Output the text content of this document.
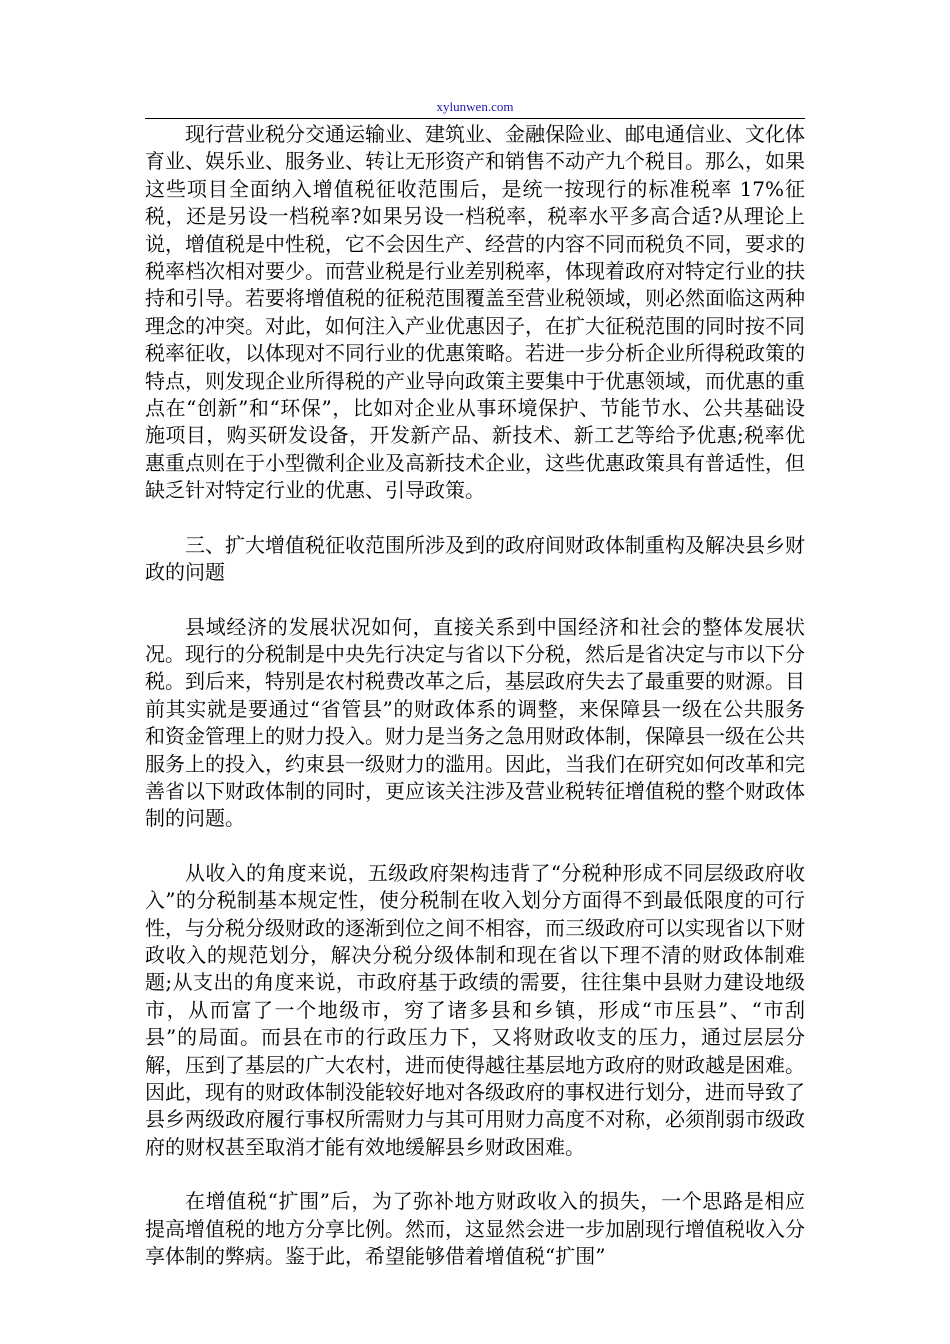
xylunwen.com

现行营业税分交通运输业、建筑业、金融保险业、邮电通信业、文化体育业、娱乐业、服务业、转让无形资产和销售不动产九个税目。那么，如果这些项目全面纳入增值税征收范围后，是统一按现行的标准税率 17%征税，还是另设一档税率?如果另设一档税率，税率水平多高合适?从理论上说，增值税是中性税，它不会因生产、经营的内容不同而税负不同，要求的税率档次相对要少。而营业税是行业差别税率，体现着政府对特定行业的扶持和引导。若要将增值税的征税范围覆盖至营业税领域，则必然面临这两种理念的冲突。对此，如何注入产业优惠因子，在扩大征税范围的同时按不同税率征收，以体现对不同行业的优惠策略。若进一步分析企业所得税政策的特点，则发现企业所得税的产业导向政策主要集中于优惠领域，而优惠的重点在“创新”和“环保”，比如对企业从事环境保护、节能节水、公共基础设施项目，购买研发设备，开发新产品、新技术、新工艺等给予优惠;税率优惠重点则在于小型微利企业及高新技术企业，这些优惠政策具有普适性，但缺乏针对特定行业的优惠、引导政策。

三、扩大增值税征收范围所涉及到的政府间财政体制重构及解决县乡财政的问题

县域经济的发展状况如何，直接关系到中国经济和社会的整体发展状况。现行的分税制是中央先行决定与省以下分税，然后是省决定与市以下分税。到后来，特别是农村税费改革之后，基层政府失去了最重要的财源。目前其实就是要通过“省管县”的财政体系的调整，来保障县一级在公共服务和资金管理上的财力投入。财力是当务之急用财政体制，保障县一级在公共服务上的投入，约束县一级财力的滥用。因此，当我们在研究如何改革和完善省以下财政体制的同时，更应该关注涉及营业税转征增值税的整个财政体制的问题。

从收入的角度来说，五级政府架构违背了“分税种形成不同层级政府收入”的分税制基本规定性，使分税制在收入划分方面得不到最低限度的可行性，与分税分级财政的逐渐到位之间不相容，而三级政府可以实现省以下财政收入的规范划分，解决分税分级体制和现在省以下理不清的财政体制难题;从支出的角度来说，市政府基于政绩的需要，往往集中县财力建设地级市，从而富了一个地级市，穷了诸多县和乡镇，形成“市压县”、“市刮县”的局面。而县在市的行政压力下，又将财政收支的压力，通过层层分解，压到了基层的广大农村，进而使得越往基层地方政府的财政越是困难。因此，现有的财政体制没能较好地对各级政府的事权进行划分，进而导致了县乡两级政府履行事权所需财力与其可用财力高度不对称，必须削弱市级政府的财权甚至取消才能有效地缓解县乡财政困难。

在增值税“扩围”后，为了弥补地方财政收入的损失，一个思路是相应提高增值税的地方分享比例。然而，这显然会进一步加剧现行增值税收入分享体制的弊病。鉴于此，希望能够借着增值税“扩围”
